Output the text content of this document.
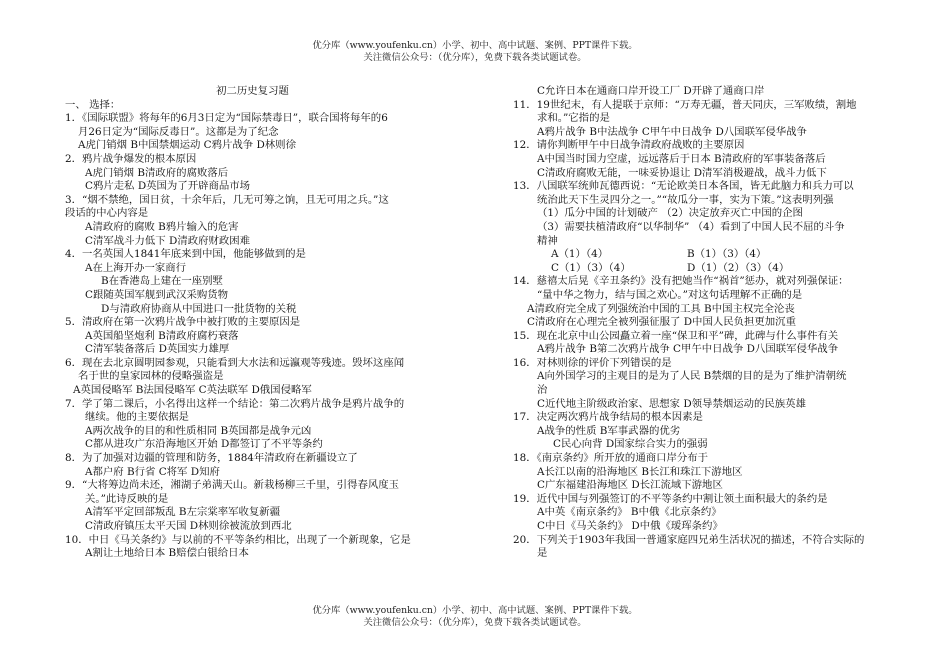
优分库（www.youfenku.cn）小学、初中、高中试题、案例、PPT课件下载。
关注微信公众号：（优分库），免费下载各类试题试卷。
初二历史复习题
一、 选择：
1．《国际联盟》将每年的6月3日定为“国际禁毒日”，联合国将每年的6
月26日定为“国际反毒日”。这都是为了纪念
A虎门销烟 B中国禁烟运动 C鸦片战争 D林则徐
2．鸦片战争爆发的根本原因
A虎门销烟 B清政府的腐败落后
C鸦片走私 D英国为了开辟商品市场
3．“烟不禁绝，国日贫，十余年后，几无可筹之饷，且无可用之兵。”这
段话的中心内容是
A清政府的腐败 B鸦片输入的危害
C清军战斗力低下 D清政府财政困难
4．一名英国人1841年底来到中国，他能够做到的是
A在上海开办一家商行
B在香港岛上建在一座别墅
C跟随英国军舰到武汉采购货物
D与清政府协商从中国进口一批货物的关税
5．清政府在第一次鸦片战争中被打败的主要原因是
A英国船坚炮利 B清政府腐朽衰落
C清军装备落后 D英国实力雄厚
6．现在去北京圆明园参观，只能看到大水法和远瀛观等残迹。毁坏这座闻
名于世的皇家园林的侵略强盗是
A英国侵略军 B法国侵略军 C英法联军 D俄国侵略军
7．学了第二课后，小名得出这样一个结论：第二次鸦片战争是鸦片战争的
继续。他的主要依据是
A两次战争的目的和性质相同 B英国都是战争元凶
C都从进攻广东沿海地区开始 D都签订了不平等条约
8．为了加强对边疆的管理和防务，1884年清政府在新疆设立了
A都户府 B行省 C将军 D知府
9．“大将筹边尚未还，湘湖子弟满天山。新栽杨柳三千里，引得春风度玉
关。”此诗反映的是
A清军平定回部叛乱 B左宗棠率军收复新疆
C清政府镇压太平天国 D林则徐被流放到西北
10．中日《马关条约》与以前的不平等条约相比，出现了一个新现象，它是
A割让土地给日本 B赔偿白银给日本
C允许日本在通商口岸开设工厂 D开辟了通商口岸
11．19世纪末，有人提联于京师：“万寿无疆，普天同庆，三军败绩，割地
求和。”它指的是
A鸦片战争 B中法战争 C甲午中日战争 D八国联军侵华战争
12．请你判断甲午中日战争清政府战败的主要原因
A中国当时国力空虚，远远落后于日本 B清政府的军事装备落后
C清政府腐败无能，一味妥协退让 D清军消极避战，战斗力低下
13．八国联军统帅瓦德西说：“无论欧美日本各国，皆无此脑力和兵力可以
统治此天下生灵四分之一。”“故瓜分一事，实为下策。”这表明列强
（1）瓜分中国的计划破产 （2）决定放弃灭亡中国的企图
（3）需要扶植清政府“以华制华” （4）看到了中国人民不屈的斗争
精神
A（1）（4）	B（1）（3）（4）
C（1）（3）（4）	D（1）（2）（3）（4）
14．慈禧太后晃《辛丑条约》没有把她当作“祸首”惩办，就对列强保证：
“量中华之物力，结与国之欢心。”对这句话理解不正确的是
A清政府完全成了列强统治中国的工具 B中国主权完全沦丧
C清政府在心理完全被列强征服了 D中国人民负担更加沉重
15．现在北京中山公园矗立着一座“保卫和平”碑，此碑与什么事件有关
A鸦片战争 B第二次鸦片战争 C甲午中日战争 D八国联军侵华战争
16．对林则徐的评价下列错误的是
A向外国学习的主观目的是为了人民 B禁烟的目的是为了维护清朝统
治
C近代地主阶级政治家、思想家 D领导禁烟运动的民族英雄
17．决定两次鸦片战争结局的根本因素是
A战争的性质 B军事武器的优劣
C民心向背 D国家综合实力的强弱
18．《南京条约》所开放的通商口岸分布于
A长江以南的沿海地区 B长江和珠江下游地区
C广东福建沿海地区 D长江流域下游地区
19．近代中国与列强签订的不平等条约中割让领土面积最大的条约是
A中英《南京条约》 B中俄《北京条约》
C中日《马关条约》 D中俄《瑷珲条约》
20．下列关于1903年我国一普通家庭四兄弟生活状况的描述，不符合实际的
是
优分库（www.youfenku.cn）小学、初中、高中试题、案例、PPT课件下载。
关注微信公众号：（优分库），免费下载各类试题试卷。
